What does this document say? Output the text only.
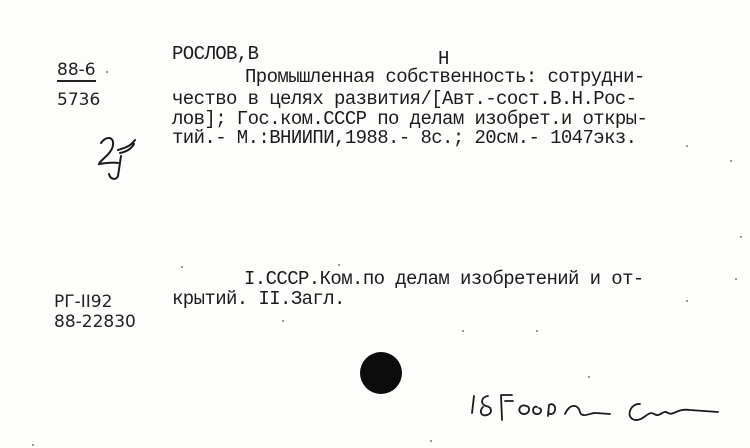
88-6
5736
РОСЛОВ,В	Н
Промышленная собственность: сотрудни-
чество в целях развития/[Авт.-сост.В.Н.Рос-
лов]; Гос.ком.СССР по делам изобрет.и откры-
тий.- М.:ВНИИПИ,1988.- 8с.; 20см.- 1047экз.
I.СССР.Ком.по делам изобретений и от-
крытий. II.Загл.
РГ-II92
88-22830
